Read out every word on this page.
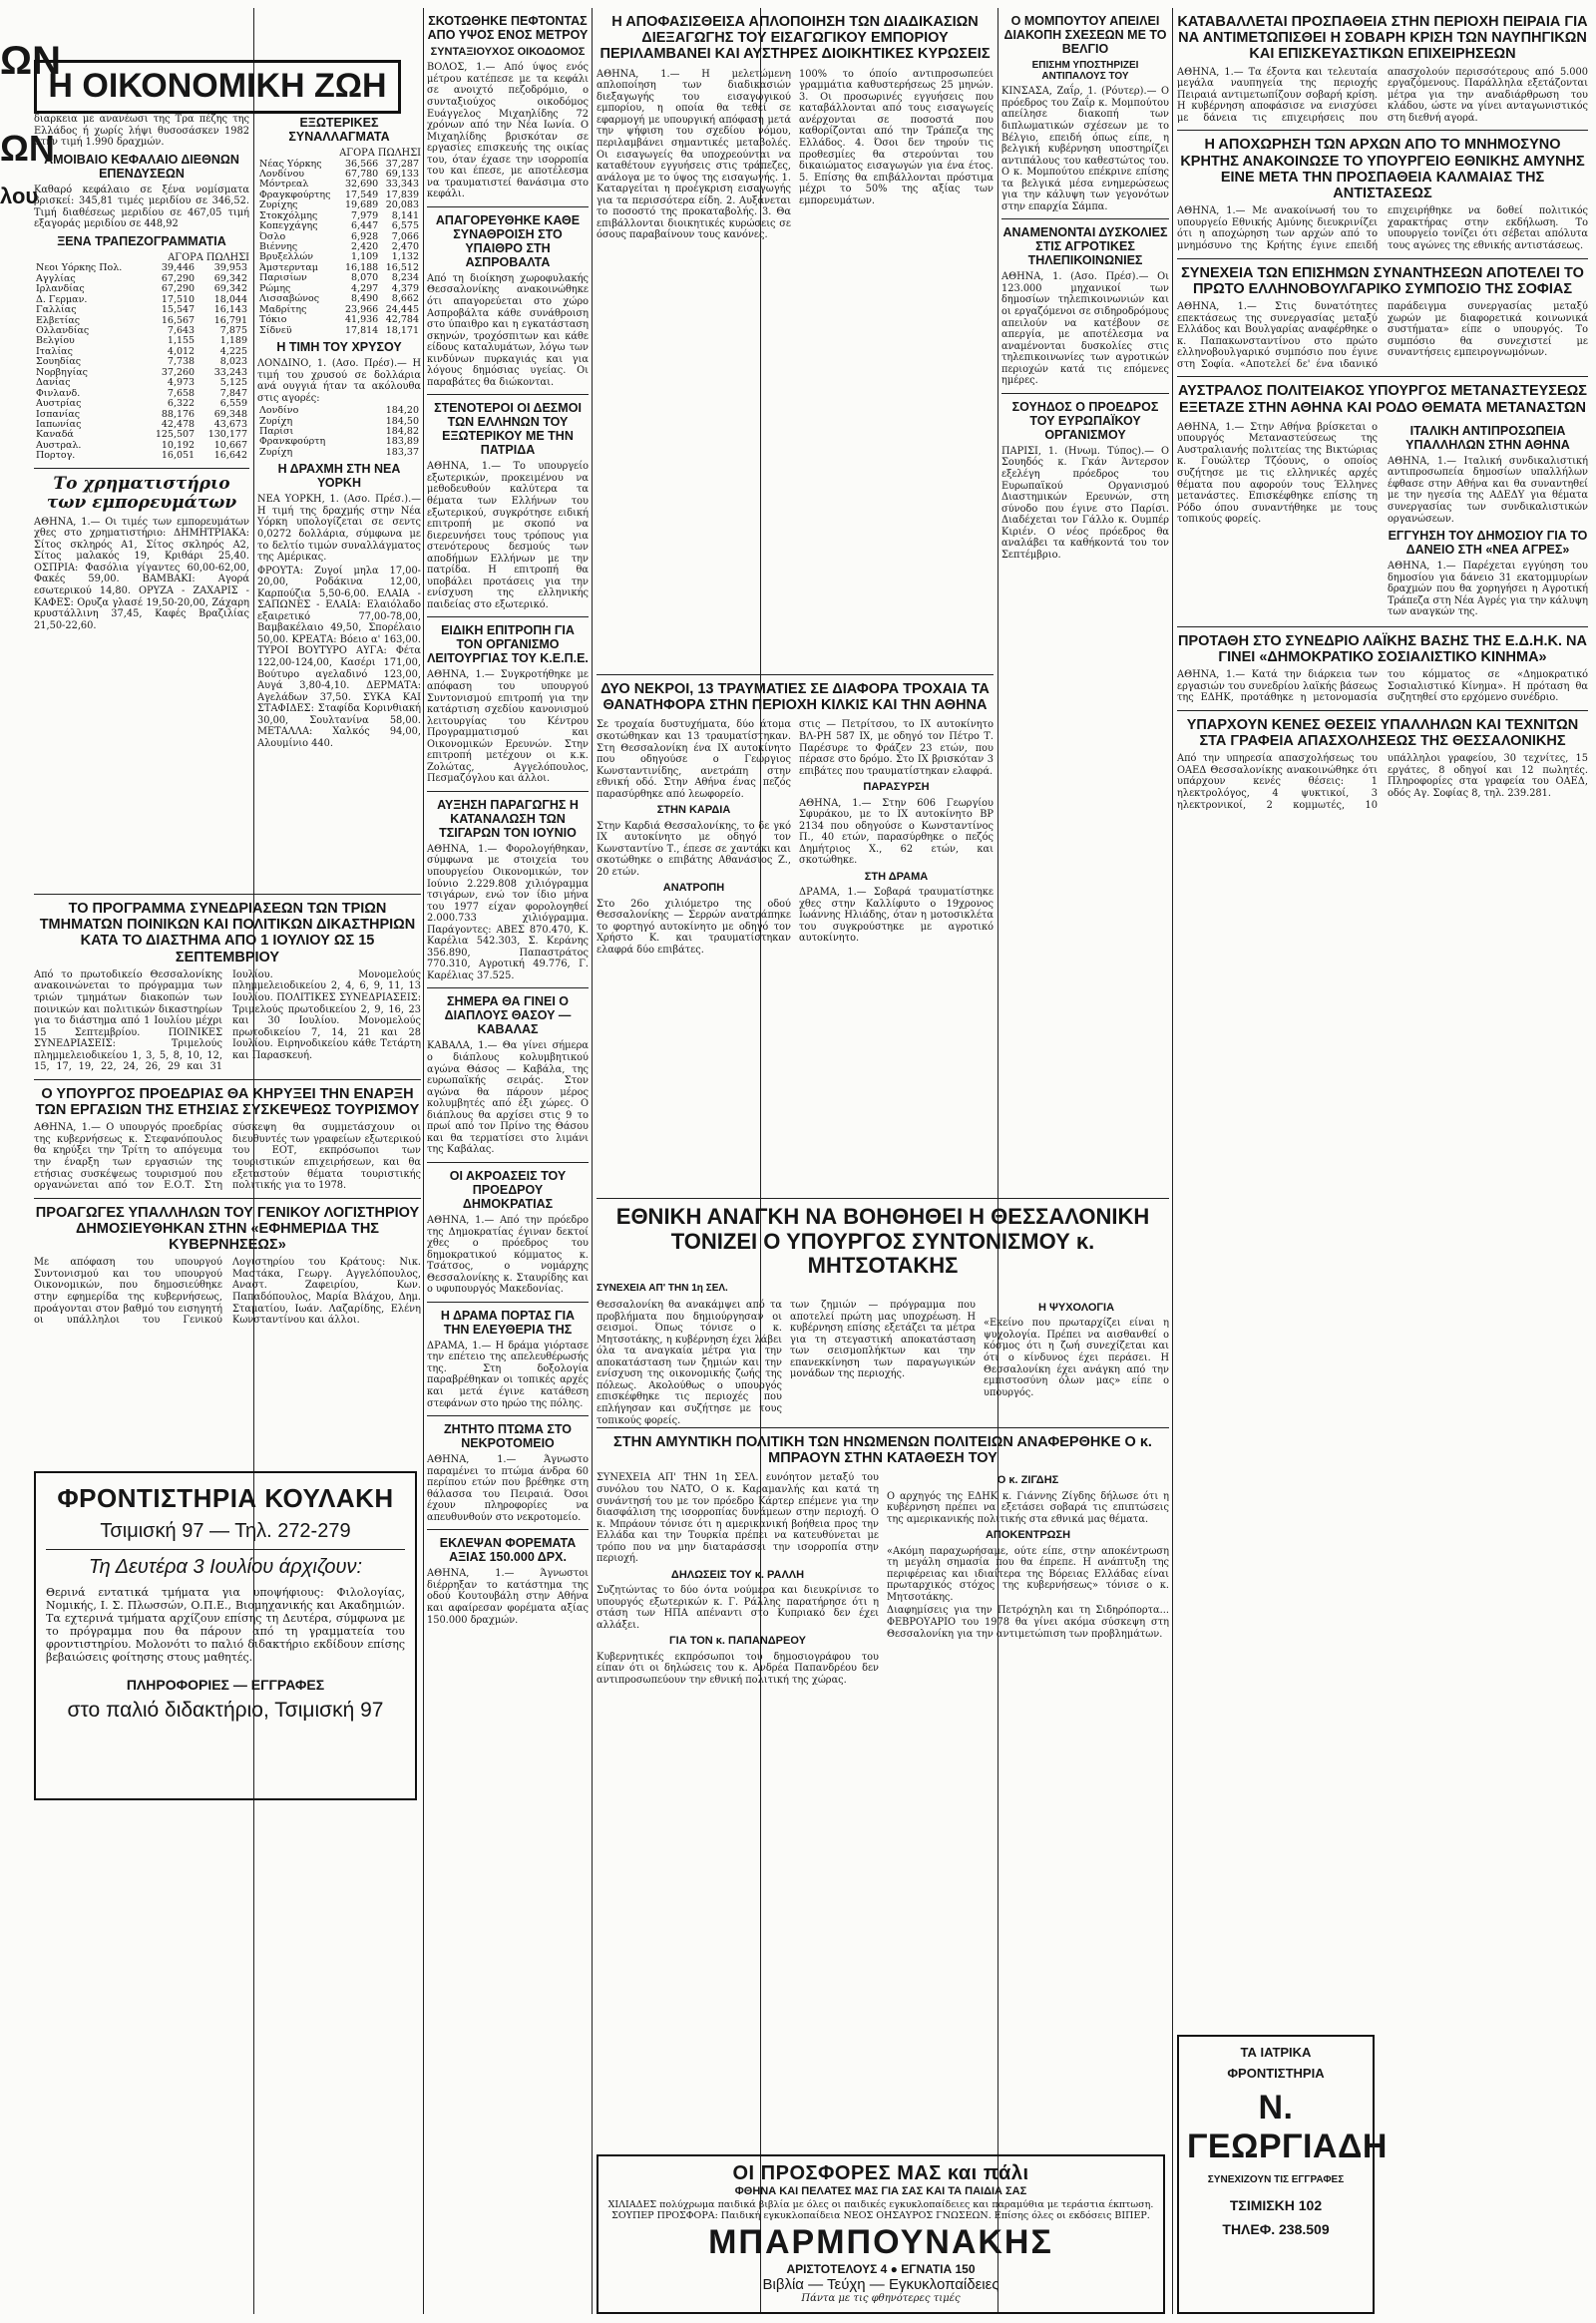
ΩΝ
ΩΝ
λου
Η ΟΙΚΟΝΟΜΙΚΗ ΖΩΗ
διαρκεια με ανανέωσι της Τρα πέζης της Ελλάδος ή χωρίς λήψι θυσοσάσκεν 1982 στην τιμή 1.990 δραχμών.
ΑΜΟΙΒΑΙΟ ΚΕΦΑΛΑΙΟ ΔΙΕΘΝΩΝ ΕΠΕΝΔΥΣΕΩΝ
Καθαρό κεφάλαιο σε ξένα νομίσματα βρισκεί: 345,81 τιμές μεριδίου σε 346,52. Τιμή διαθέσεως μεριδίου σε 467,05 τιμή εξαγοράς μεριδίου σε 448,92
ΞΕΝΑ ΤΡΑΠΕΖΟΓΡΑΜΜΑΤΙΑ
ΑΓΟΡΑ ΠΩΛΗΣΙ
Νεοι Υόρκης Πολ.	39,446	39,953
Αγγλίας	67,290	69,342
Ιρλανδίας	67,290	69,342
Δ. Γερμαν.	17,510	18,044
Γαλλίας	15,547	16,143
Ελβετίας	16,567	16,791
Ολλανδίας	7,643	7,875
Βελγίου	1,155	1,189
Ιταλίας	4,012	4,225
Σουηδίας	7,738	8,023
Νορβηγίας	37,260	33,243
Δανίας	4,973	5,125
Φινλανδ.	7,658	7,847
Αυστρίας	6,322	6,559
Ισπανίας	88,176	69,348
Ιαπωνίας	42,478	43,673
Καναδά	125,507	130,177
Αυστραλ.	10,192	10,667
Πορτογ.	16,051	16,642
Το χρηματιστήριο των εμπορευμάτων
ΑΘΗΝΑ, 1.— Οι τιμές των εμπορευμάτων χθες στο χρηματιστήριο: ΔΗΜΗΤΡΙΑΚΑ: Σίτος σκληρός Α1, Σίτος σκληρός Α2, Σίτος μαλακός 19, Κριθάρι 25,40. ΟΣΠΡΙΑ: Φασόλια γίγαντες 60,00-62,00, Φακές 59,00. ΒΑΜΒΑΚΙ: Αγορά εσωτερικού 14,80. ΟΡΥΖΑ - ΖΑΧΑΡΙΣ - ΚΑΦΕΣ: Ορυζα γλασέ 19,50-20,00, Ζάχαρη κρυστάλλινη 37,45, Καφές Βραζιλίας 21,50-22,60.
ΕΞΩΤΕΡΙΚΕΣ ΣΥΝΑΛΛΑΓΜΑΤΑ
ΑΓΟΡΑ ΠΩΛΗΣΙ
Νέας Υόρκης	36,566	37,287
Λονδίνου	67,780	69,133
Μόντρεαλ	32,690	33,343
Φραγκφούρτης	17,549	17,839
Ζυρίχης	19,689	20,083
Στοκχόλμης	7,979	8,141
Κοπεγχάγης	6,447	6,575
Όσλο	6,928	7,066
Βιέννης	2,420	2,470
Βρυξελλών	1,109	1,132
Άμστερνταμ	16,188	16,512
Παρισίων	8,070	8,234
Ρώμης	4,297	4,379
Λισσαβώνος	8,490	8,662
Μαδρίτης	23,966	24,445
Τόκιο	41,936	42,784
Σίδνεϋ	17,814	18,171
Η ΤΙΜΗ ΤΟΥ ΧΡΥΣΟΥ
ΛΟΝΔΙΝΟ, 1. (Ασο. Πρέσ).— Η τιμή του χρυσού σε δολλάρια ανά ουγγιά ήταν τα ακόλουθα στις αγορές:
Λονδίνο	184,20
Ζυρίχη	184,50
Παρίσι	184,82
Φρανκφούρτη	183,89
Ζυρίχη	183,37
Η ΔΡΑΧΜΗ ΣΤΗ ΝΕΑ ΥΟΡΚΗ
ΝΕΑ ΥΟΡΚΗ, 1. (Ασο. Πρέσ.).— Η τιμή της δραχμής στην Νέα Υόρκη υπολογίζεται σε σεντς 0,0272 δολλάρια, σύμφωνα με το δελτίο τιμών συναλλάγματος της Αμέρικας.
ΦΡΟΥΤΑ: Ζυγοί μηλα 17,00-20,00, Ροδάκινα 12,00, Καρπούζια 5,50-6,00. ΕΛΑΙΑ - ΣΑΠΩΝΕΣ - ΕΛΑΙΑ: Ελαιόλαδο εξαιρετικό 77,00-78,00, Βαμβακέλαιο 49,50, Σπορέλαιο 50,00. ΚΡΕΑΤΑ: Βόειο α' 163,00. ΤΥΡΟΙ ΒΟΥΤΥΡΟ ΑΥΓΑ: Φέτα 122,00-124,00, Κασέρι 171,00, Βούτυρο αγελαδινό 123,00, Αυγά 3,80-4,10. ΔΕΡΜΑΤΑ: Αγελάδων 37,50. ΣΥΚΑ ΚΑΙ ΣΤΑΦΙΔΕΣ: Σταφίδα Κορινθιακή 30,00, Σουλτανίνα 58,00. ΜΕΤΑΛΛΑ: Χαλκός 94,00, Αλουμίνιο 440.
ΤΟ ΠΡΟΓΡΑΜΜΑ ΣΥΝΕΔΡΙΑΣΕΩΝ ΤΩΝ ΤΡΙΩΝ ΤΜΗΜΑΤΩΝ ΠΟΙΝΙΚΩΝ ΚΑΙ ΠΟΛΙΤΙΚΩΝ ΔΙΚΑΣΤΗΡΙΩΝ ΚΑΤΑ ΤΟ ΔΙΑΣΤΗΜΑ ΑΠΟ 1 ΙΟΥΛΙΟΥ ΩΣ 15 ΣΕΠΤΕΜΒΡΙΟΥ
Από το πρωτοδικείο Θεσσαλονίκης ανακοινώνεται το πρόγραμμα των τριών τμημάτων διακοπών των ποινικών και πολιτικών δικαστηρίων για το διάστημα από 1 Ιουλίου μέχρι 15 Σεπτεμβρίου. ΠΟΙΝΙΚΕΣ ΣΥΝΕΔΡΙΑΣΕΙΣ: Τριμελούς πλημμελειοδικείου 1, 3, 5, 8, 10, 12, 15, 17, 19, 22, 24, 26, 29 και 31 Ιουλίου. Μονομελούς πλημμελειοδικείου 2, 4, 6, 9, 11, 13 Ιουλίου. ΠΟΛΙΤΙΚΕΣ ΣΥΝΕΔΡΙΑΣΕΙΣ: Τριμελούς πρωτοδικείου 2, 9, 16, 23 και 30 Ιουλίου. Μονομελούς πρωτοδικείου 7, 14, 21 και 28 Ιουλίου. Ειρηνοδικείου κάθε Τετάρτη και Παρασκευή.
Ο ΥΠΟΥΡΓΟΣ ΠΡΟΕΔΡΙΑΣ ΘΑ ΚΗΡΥΞΕΙ ΤΗΝ ΕΝΑΡΞΗ ΤΩΝ ΕΡΓΑΣΙΩΝ ΤΗΣ ΕΤΗΣΙΑΣ ΣΥΣΚΕΨΕΩΣ ΤΟΥΡΙΣΜΟΥ
ΑΘΗΝΑ, 1.— Ο υπουργός προεδρίας της κυβερνήσεως κ. Στεφανόπουλος θα κηρύξει την Τρίτη το απόγευμα την έναρξη των εργασιών της ετήσιας συσκέψεως τουρισμού που οργανώνεται από τον Ε.Ο.Τ. Στη σύσκεψη θα συμμετάσχουν οι διευθυντές των γραφείων εξωτερικού του ΕΟΤ, εκπρόσωποι των τουριστικών επιχειρήσεων, και θα εξεταστούν θέματα τουριστικής πολιτικής για το 1978.
ΠΡΟΑΓΩΓΕΣ ΥΠΑΛΛΗΛΩΝ ΤΟΥ ΓΕΝΙΚΟΥ ΛΟΓΙΣΤΗΡΙΟΥ ΔΗΜΟΣΙΕΥΘΗΚΑΝ ΣΤΗΝ «ΕΦΗΜΕΡΙΔΑ ΤΗΣ ΚΥΒΕΡΝΗΣΕΩΣ»
Με απόφαση του υπουργού Συντονισμού και του υπουργού Οικονομικών, που δημοσιεύθηκε στην εφημερίδα της κυβερνήσεως, προάγονται στον βαθμό του εισηγητή οι υπάλληλοι του Γενικού Λογιστηρίου του Κράτους: Νικ. Μαστάκα, Γεωργ. Αγγελόπουλος, Αναστ. Ζαφειρίου, Κων. Παπαδόπουλος, Μαρία Βλάχου, Δημ. Σταματίου, Ιωάν. Λαζαρίδης, Ελένη Κωνσταντίνου και άλλοι.
ΦΡΟΝΤΙΣΤΗΡΙΑ ΚΟΥΛΑΚΗ
Τσιμισκή 97 — Τηλ. 272-279
Τη Δευτέρα 3 Ιουλίου άρχιζουν:
Θερινά εντατικά τμήματα για υποψήφιους: Φιλολογίας, Νομικής, Ι. Σ. Πλωσσών, Ο.Π.Ε., Βιομηχανικής και Ακαδημιών. Τα εχτερινά τμήματα αρχίζουν επίσης τη Δευτέρα, σύμφωνα με το πρόγραμμα που θα πάρουν από τη γραμματεία του φροντιστηρίου. Μολονότι το παλιό διδακτήριο εκδίδουν επίσης βεβαιώσεις φοίτησης στους μαθητές.
ΠΛΗΡΟΦΟΡΙΕΣ — ΕΓΓΡΑΦΕΣ
στο παλιό διδακτήριο, Τσιμισκή 97
ΣΚΟΤΩΘΗΚΕ ΠΕΦΤΟΝΤΑΣ ΑΠΟ ΥΨΟΣ ΕΝΟΣ ΜΕΤΡΟΥ
ΣΥΝΤΑΞΙΟΥΧΟΣ ΟΙΚΟΔΟΜΟΣ
ΒΟΛΟΣ, 1.— Από ύψος ενός μέτρου κατέπεσε με τα κεφάλι σε ανοιχτό πεζοδρόμιο, ο συνταξιούχος οικοδόμος Ευάγγελος Μιχαηλίδης 72 χρόνων από την Νέα Ιωνία. Ο Μιχαηλίδης βρισκόταν σε εργασίες επισκευής της οικίας του, όταν έχασε την ισορροπία του και έπεσε, με αποτέλεσμα να τραυματιστεί θανάσιμα στο κεφάλι.
ΑΠΑΓΟΡΕΥΘΗΚΕ ΚΑΘΕ ΣΥΝΑΘΡΟΙΣΗ ΣΤΟ ΥΠΑΙΘΡΟ ΣΤΗ ΑΣΠΡΟΒΑΛΤΑ
Από τη διοίκηση χωροφυλακής Θεσσαλονίκης ανακοινώθηκε ότι απαγορεύεται στο χώρο Ασπροβάλτα κάθε συνάθροιση στο ύπαιθρο και η εγκατάσταση σκηνών, τροχόσπιτων και κάθε είδους καταλυμάτων, λόγω των κινδύνων πυρκαγιάς και για λόγους δημόσιας υγείας. Οι παραβάτες θα διώκονται.
ΣΤΕΝΟΤΕΡΟΙ ΟΙ ΔΕΣΜΟΙ ΤΩΝ ΕΛΛΗΝΩΝ ΤΟΥ ΕΞΩΤΕΡΙΚΟΥ ΜΕ ΤΗΝ ΠΑΤΡΙΔΑ
ΑΘΗΝΑ, 1.— Το υπουργείο εξωτερικών, προκειμένου να μεθοδευθούν καλύτερα τα θέματα των Ελλήνων του εξωτερικού, συγκρότησε ειδική επιτροπή με σκοπό να διερευνήσει τους τρόπους για στενότερους δεσμούς των αποδήμων Ελλήνων με την πατρίδα. Η επιτροπή θα υποβάλει προτάσεις για την ενίσχυση της ελληνικής παιδείας στο εξωτερικό.
ΕΙΔΙΚΗ ΕΠΙΤΡΟΠΗ ΓΙΑ ΤΟΝ ΟΡΓΑΝΙΣΜΟ ΛΕΙΤΟΥΡΓΙΑΣ ΤΟΥ Κ.Ε.Π.Ε.
ΑΘΗΝΑ, 1.— Συγκροτήθηκε με απόφαση του υπουργού Συντονισμού επιτροπή για την κατάρτιση σχεδίου κανονισμού λειτουργίας του Κέντρου Προγραμματισμού και Οικονομικών Ερευνών. Στην επιτροπή μετέχουν οι κ.κ. Ζολώτας, Αγγελόπουλος, Πεσμαζόγλου και άλλοι.
ΑΥΞΗΣΗ ΠΑΡΑΓΩΓΗΣ Η ΚΑΤΑΝΑΛΩΣΗ ΤΩΝ ΤΣΙΓΑΡΩΝ ΤΟΝ ΙΟΥΝΙΟ
ΑΘΗΝΑ, 1.— Φορολογήθηκαν, σύμφωνα με στοιχεία του υπουργείου Οικονομικών, τον Ιούνιο 2.229.808 χιλιόγραμμα τσιγάρων, ενώ τον ίδιο μήνα του 1977 είχαν φορολογηθεί 2.000.733 χιλιόγραμμα. Παράγοντες: ΑΒΕΣ 870.470, Κ. Καρέλια 542.303, Σ. Κεράνης 356.890, Παπαστράτος 770.310, Αγροτική 49.776, Γ. Καρέλιας 37.525.
ΣΗΜΕΡΑ ΘΑ ΓΙΝΕΙ Ο ΔΙΑΠΛΟΥΣ ΘΑΣΟΥ — ΚΑΒΑΛΑΣ
ΚΑΒΑΛΑ, 1.— Θα γίνει σήμερα ο διάπλους κολυμβητικού αγώνα Θάσος — Καβάλα, της ευρωπαϊκής σειράς. Στον αγώνα θα πάρουν μέρος κολυμβητές από έξι χώρες. Ο διάπλους θα αρχίσει στις 9 το πρωί από τον Πρίνο της Θάσου και θα τερματίσει στο λιμάνι της Καβάλας.
ΟΙ ΑΚΡΟΑΣΕΙΣ ΤΟΥ ΠΡΟΕΔΡΟΥ ΔΗΜΟΚΡΑΤΙΑΣ
ΑΘΗΝΑ, 1.— Από την πρόεδρο της Δημοκρατίας έγιναν δεκτοί χθες ο πρόεδρος του δημοκρατικού κόμματος κ. Τσάτσος, ο νομάρχης Θεσσαλονίκης κ. Σταυρίδης και ο υφυπουργός Μακεδονίας.
Η ΔΡΑΜΑ ΠΟΡΤΑΣ ΓΙΑ ΤΗΝ ΕΛΕΥΘΕΡΙΑ ΤΗΣ
ΔΡΑΜΑ, 1.— Η δράμα γιόρτασε την επέτειο της απελευθέρωσής της. Στη δοξολογία παραβρέθηκαν οι τοπικές αρχές και μετά έγινε κατάθεση στεφάνων στο ηρώο της πόλης.
ΖΗΤΗΤΟ ΠΤΩΜΑ ΣΤΟ ΝΕΚΡΟΤΟΜΕΙΟ
ΑΘΗΝΑ, 1.— Άγνωστο παραμένει το πτώμα άνδρα 60 περίπου ετών που βρέθηκε στη θάλασσα του Πειραιά. Όσοι έχουν πληροφορίες να απευθυνθούν στο νεκροτομείο.
ΕΚΛΕΨΑΝ ΦΟΡΕΜΑΤΑ ΑΞΙΑΣ 150.000 ΔΡΧ.
ΑΘΗΝΑ, 1.— Άγνωστοι διέρρηξαν το κατάστημα της οδού Κουτουβάλη στην Αθήνα και αφαίρεσαν φορέματα αξίας 150.000 δραχμών.
Η ΑΠΟΦΑΣΙΣΘΕΙΣΑ ΑΠΛΟΠΟΙΗΣΗ ΤΩΝ ΔΙΑΔΙΚΑΣΙΩΝ ΔΙΕΞΑΓΩΓΗΣ ΤΟΥ ΕΙΣΑΓΩΓΙΚΟΥ ΕΜΠΟΡΙΟΥ ΠΕΡΙΛΑΜΒΑΝΕΙ ΚΑΙ ΑΥΣΤΗΡΕΣ ΔΙΟΙΚΗΤΙΚΕΣ ΚΥΡΩΣΕΙΣ
ΑΘΗΝΑ, 1.— Η μελετώμενη απλοποίηση των διαδικασιών διεξαγωγής του εισαγωγικού εμπορίου, η οποία θα τεθεί σε εφαρμογή με υπουργική απόφαση μετά την ψήφιση του σχεδίου νόμου, περιλαμβάνει σημαντικές μεταβολές. Οι εισαγωγείς θα υποχρεούνται να καταθέτουν εγγυήσεις στις τράπεζες, ανάλογα με το ύψος της εισαγωγής. 1. Καταργείται η προέγκριση εισαγωγής για τα περισσότερα είδη. 2. Αυξάνεται το ποσοστό της προκαταβολής. 3. Θα επιβάλλονται διοικητικές κυρώσεις σε όσους παραβαίνουν τους κανόνες.
100% το όποίο αντιπροσωπεύει γραμμάτια καθυστερήσεως 25 μηνών. 3. Οι προσωρινές εγγυήσεις που καταβάλλονται από τους εισαγωγείς ανέρχονται σε ποσοστά που καθορίζονται από την Τράπεζα της Ελλάδος. 4. Όσοι δεν τηρούν τις προθεσμίες θα στερούνται του δικαιώματος εισαγωγών για ένα έτος. 5. Επίσης θα επιβάλλονται πρόστιμα μέχρι το 50% της αξίας των εμπορευμάτων.
ΔΥΟ ΝΕΚΡΟΙ, 13 ΤΡΑΥΜΑΤΙΕΣ ΣΕ ΔΙΑΦΟΡΑ ΤΡΟΧΑΙΑ ΤΑ ΘΑΝΑΤΗΦΟΡΑ ΣΤΗΝ ΠΕΡΙΟΧΗ ΚΙΛΚΙΣ ΚΑΙ ΤΗΝ ΑΘΗΝΑ
Σε τροχαία δυστυχήματα, δύο άτομα σκοτώθηκαν και 13 τραυματίστηκαν. Στη Θεσσαλονίκη ένα ΙΧ αυτοκίνητο που οδηγούσε ο Γεώργιος Κωνσταντινίδης, ανετράπη στην εθνική οδό. Στην Αθήνα ένας πεζός παρασύρθηκε από λεωφορείο.
ΣΤΗΝ ΚΑΡΔΙΑ
Στην Καρδιά Θεσσαλονίκης, το δε γκό ΙΧ αυτοκίνητο με οδηγό τον Κωνσταντίνο Τ., έπεσε σε χαντάκι και σκοτώθηκε ο επιβάτης Αθανάσιος Ζ., 20 ετών.
ΑΝΑΤΡΟΠΗ
Στο 26ο χιλιόμετρο της οδού Θεσσαλονίκης — Σερρών ανατράπηκε το φορτηγό αυτοκίνητο με οδηγό τον Χρήστο Κ. και τραυματίστηκαν ελαφρά δύο επιβάτες.
στις — Πετρίτσου, το ΙΧ αυτοκίνητο ΒΛ-ΡΗ 587 ΙΧ, με οδηγό τον Πέτρο Τ. Παρέσυρε το Φράζεν 23 ετών, που πέρασε στο δρόμο. Στο ΙΧ βρισκόταν 3 επιβάτες που τραυματίστηκαν ελαφρά.
ΠΑΡΑΣΥΡΣΗ
ΑΘΗΝΑ, 1.— Στην 606 Γεωργίου Σφυράκου, με το ΙΧ αυτοκίνητο ΒΡ 2134 που οδηγούσε ο Κωνσταντίνος Π., 40 ετών, παρασύρθηκε ο πεζός Δημήτριος Χ., 62 ετών, και σκοτώθηκε.
ΣΤΗ ΔΡΑΜΑ
ΔΡΑΜΑ, 1.— Σοβαρά τραυματίστηκε χθες στην Καλλίφυτο ο 19χρονος Ιωάννης Ηλιάδης, όταν η μοτοσικλέτα του συγκρούστηκε με αγροτικό αυτοκίνητο.
Ο ΜΟΜΠΟΥΤΟΥ ΑΠΕΙΛΕΙ ΔΙΑΚΟΠΗ ΣΧΕΣΕΩΝ ΜΕ ΤΟ ΒΕΛΓΙΟ
ΕΠΙΣΗΜ ΥΠΟΣΤΗΡΙΖΕΙ ΑΝΤΙΠΑΛΟΥΣ ΤΟΥ
ΚΙΝΣΑΣΑ, Ζαΐρ, 1. (Ρόυτερ).— Ο πρόεδρος του Ζαΐρ κ. Μομπούτου απείλησε διακοπή των διπλωματικών σχέσεων με το Βέλγιο, επειδή όπως είπε, η βελγική κυβέρνηση υποστηρίζει αντιπάλους του καθεστώτος του. Ο κ. Μομπούτου επέκρινε επίσης τα βελγικά μέσα ενημερώσεως για την κάλυψη των γεγονότων στην επαρχία Σάμπα.
ΑΝΑΜΕΝΟΝΤΑΙ ΔΥΣΚΟΛΙΕΣ ΣΤΙΣ ΑΓΡΟΤΙΚΕΣ ΤΗΛΕΠΙΚΟΙΝΩΝΙΕΣ
ΑΘΗΝΑ, 1. (Ασο. Πρέσ).— Οι 123.000 μηχανικοί των δημοσίων τηλεπικοινωνιών και οι εργαζόμενοι σε σιδηροδρόμους απειλούν να κατέβουν σε απεργία, με αποτέλεσμα να αναμένονται δυσκολίες στις τηλεπικοινωνίες των αγροτικών περιοχών κατά τις επόμενες ημέρες.
ΣΟΥΗΔΟΣ Ο ΠΡΟΕΔΡΟΣ ΤΟΥ ΕΥΡΩΠΑΪΚΟΥ ΟΡΓΑΝΙΣΜΟΥ
ΠΑΡΙΣΙ, 1. (Ηνωμ. Τύπος).— Ο Σουηδός κ. Γκάν Άντερσον εξελέγη πρόεδρος του Ευρωπαϊκού Οργανισμού Διαστημικών Ερευνών, στη σύνοδο που έγινε στο Παρίσι. Διαδέχεται τον Γάλλο κ. Ουμπέρ Κιριέν. Ο νέος πρόεδρος θα αναλάβει τα καθήκοντά του τον Σεπτέμβριο.
ΕΘΝΙΚΗ ΑΝΑΓΚΗ ΝΑ ΒΟΗΘΗΘΕΙ Η ΘΕΣΣΑΛΟΝΙΚΗ ΤΟΝΙΖΕΙ Ο ΥΠΟΥΡΓΟΣ ΣΥΝΤΟΝΙΣΜΟΥ κ. ΜΗΤΣΟΤΑΚΗΣ
ΣΥΝΕΧΕΙΑ ΑΠ' ΤΗΝ 1η ΣΕΛ.
Θεσσαλονίκη θα ανακάμψει από τα προβλήματα που δημιούργησαν οι σεισμοί. Όπως τόνισε ο κ. Μητσοτάκης, η κυβέρνηση έχει λάβει όλα τα αναγκαία μέτρα για την αποκατάσταση των ζημιών και την ενίσχυση της οικονομικής ζωής της πόλεως. Ακολούθως ο υπουργός επισκέφθηκε τις περιοχές που επλήγησαν και συζήτησε με τους τοπικούς φορείς.
των ζημιών — πρόγραμμα που αποτελεί πρώτη μας υποχρέωση. Η κυβέρνηση επίσης εξετάζει τα μέτρα για τη στεγαστική αποκατάσταση των σεισμοπλήκτων και την επανεκκίνηση των παραγωγικών μονάδων της περιοχής.
Η ΨΥΧΟΛΟΓΙΑ
«Εκείνο που πρωταρχίζει είναι η ψυχολογία. Πρέπει να αισθανθεί ο κόσμος ότι η ζωή συνεχίζεται και ότι ο κίνδυνος έχει περάσει. Η Θεσσαλονίκη έχει ανάγκη από την εμπιστοσύνη όλων μας» είπε ο υπουργός.
ΣΤΗΝ ΑΜΥΝΤΙΚΗ ΠΟΛΙΤΙΚΗ ΤΩΝ ΗΝΩΜΕΝΩΝ ΠΟΛΙΤΕΙΩΝ ΑΝΑΦΕΡΘΗΚΕ Ο κ. ΜΠΡΑΟΥΝ ΣΤΗΝ ΚΑΤΑΘΕΣΗ ΤΟΥ
ΣΥΝΕΧΕΙΑ ΑΠ' ΤΗΝ 1η ΣΕΛ. ευνόητον μεταξύ του συνόλου του ΝΑΤΟ, Ο κ. Καραμανλής και κατά τη συνάντησή του με τον πρόεδρο Κάρτερ επέμενε για την διασφάλιση της ισορροπίας δυνάμεων στην περιοχή. Ο κ. Μπράουν τόνισε ότι η αμερικανική βοήθεια προς την Ελλάδα και την Τουρκία πρέπει να κατευθύνεται με τρόπο που να μην διαταράσσει την ισορροπία στην περιοχή.
ΔΗΛΩΣΕΙΣ ΤΟΥ κ. ΡΑΛΛΗ
Συζητώντας το δύο όντα νούμερα και διευκρίνισε το υπουργός εξωτερικών κ. Γ. Ράλλης παρατήρησε ότι η στάση των ΗΠΑ απέναντι στο Κυπριακό δεν έχει αλλάξει.
ΓΙΑ ΤΟΝ κ. ΠΑΠΑΝΔΡΕΟΥ
Κυβερνητικές εκπρόσωποι του δημοσιογράφου του είπαν ότι οι δηλώσεις του κ. Ανδρέα Παπανδρέου δεν αντιπροσωπεύουν την εθνική πολιτική της χώρας.
Ο κ. ΖΙΓΔΗΣ
Ο αρχηγός της ΕΔΗΚ κ. Γιάννης Ζίγδης δήλωσε ότι η κυβέρνηση πρέπει να εξετάσει σοβαρά τις επιπτώσεις της αμερικανικής πολιτικής στα εθνικά μας θέματα.
ΑΠΟΚΕΝΤΡΩΣΗ
«Ακόμη παραχωρήσαμε, ούτε είπε, στην αποκέντρωση τη μεγάλη σημασία που θα έπρεπε. Η ανάπτυξη της περιφέρειας και ιδιαίτερα της Βόρειας Ελλάδας είναι πρωταρχικός στόχος της κυβερνήσεως» τόνισε ο κ. Μητσοτάκης.
Διαφημίσεις για την Πετρόχηλη και τη Σιδηρόπορτα... ΦΕΒΡΟΥΑΡΙΟ του 1978 θα γίνει ακόμα σύσκεψη στη Θεσσαλονίκη για την αντιμετώπιση των προβλημάτων.
ΟΙ ΠΡΟΣΦΟΡΕΣ ΜΑΣ και πάλι
ΦΘΗΝΑ ΚΑΙ ΠΕΛΑΤΕΣ ΜΑΣ ΓΙΑ ΣΑΣ ΚΑΙ ΤΑ ΠΑΙΔΙΑ ΣΑΣ
ΧΙΛΙΑΔΕΣ πολύχρωμα παιδικά βιβλία με όλες οι παιδικές εγκυκλοπαίδειες και παραμύθια με τεράστια έκπτωση. ΣΟΥΠΕΡ ΠΡΟΣΦΟΡΑ: Παιδική εγκυκλοπαίδεια ΝΕΟΣ ΟΗΣΑΥΡΟΣ ΓΝΩΣΕΩΝ. Επίσης όλες οι εκδόσεις ΒΙΠΕΡ.
ΜΠΑΡΜΠΟΥΝΑΚΗΣ
ΑΡΙΣΤΟΤΕΛΟΥΣ 4 ● ΕΓΝΑΤΙΑ 150
Βιβλία — Τεύχη — Εγκυκλοπαίδειες
Πάντα με τις φθηνότερες τιμές
ΚΑΤΑΒΑΛΛΕΤΑΙ ΠΡΟΣΠΑΘΕΙΑ ΣΤΗΝ ΠΕΡΙΟΧΗ ΠΕΙΡΑΙΑ ΓΙΑ ΝΑ ΑΝΤΙΜΕΤΩΠΙΣΘΕΙ Η ΣΟΒΑΡΗ ΚΡΙΣΗ ΤΩΝ ΝΑΥΠΗΓΙΚΩΝ ΚΑΙ ΕΠΙΣΚΕΥΑΣΤΙΚΩΝ ΕΠΙΧΕΙΡΗΣΕΩΝ
ΑΘΗΝΑ, 1.— Τα έξοντα και τελευταία μεγάλα ναυπηγεία της περιοχής Πειραιά αντιμετωπίζουν σοβαρή κρίση. Η κυβέρνηση αποφάσισε να ενισχύσει με δάνεια τις επιχειρήσεις που απασχολούν περισσότερους από 5.000 εργαζόμενους. Παράλληλα εξετάζονται μέτρα για την αναδιάρθρωση του κλάδου, ώστε να γίνει ανταγωνιστικός στη διεθνή αγορά.
Η ΑΠΟΧΩΡΗΣΗ ΤΩΝ ΑΡΧΩΝ ΑΠΟ ΤΟ ΜΝΗΜΟΣΥΝΟ ΚΡΗΤΗΣ ΑΝΑΚΟΙΝΩΣΕ ΤΟ ΥΠΟΥΡΓΕΙΟ ΕΘΝΙΚΗΣ ΑΜΥΝΗΣ ΕΙΝΕ ΜΕΤΑ ΤΗΝ ΠΡΟΣΠΑΘΕΙΑ ΚΑΛΜΑΙΑΣ ΤΗΣ ΑΝΤΙΣΤΑΣΕΩΣ
ΑΘΗΝΑ, 1.— Με ανακοίνωσή του το υπουργείο Εθνικής Αμύνης διευκρινίζει ότι η αποχώρηση των αρχών από το μνημόσυνο της Κρήτης έγινε επειδή επιχειρήθηκε να δοθεί πολιτικός χαρακτήρας στην εκδήλωση. Το υπουργείο τονίζει ότι σέβεται απόλυτα τους αγώνες της εθνικής αντιστάσεως.
ΣΥΝΕΧΕΙΑ ΤΩΝ ΕΠΙΣΗΜΩΝ ΣΥΝΑΝΤΗΣΕΩΝ ΑΠΟΤΕΛΕΙ ΤΟ ΠΡΩΤΟ ΕΛΛΗΝΟΒΟΥΛΓΑΡΙΚΟ ΣΥΜΠΟΣΙΟ ΤΗΣ ΣΟΦΙΑΣ
ΑΘΗΝΑ, 1.— Στις δυνατότητες επεκτάσεως της συνεργασίας μεταξύ Ελλάδος και Βουλγαρίας αναφέρθηκε ο κ. Παπακωνσταντίνου στο πρώτο ελληνοβουλγαρικό συμπόσιο που έγινε στη Σοφία. «Αποτελεί δε' ένα ιδανικό παράδειγμα συνεργασίας μεταξύ χωρών με διαφορετικά κοινωνικά συστήματα» είπε ο υπουργός. Το συμπόσιο θα συνεχιστεί με συναντήσεις εμπειρογνωμόνων.
ΑΥΣΤΡΑΛΟΣ ΠΟΛΙΤΕΙΑΚΟΣ ΥΠΟΥΡΓΟΣ ΜΕΤΑΝΑΣΤΕΥΣΕΩΣ ΕΞΕΤΑΖΕ ΣΤΗΝ ΑΘΗΝΑ ΚΑΙ ΡΟΔΟ ΘΕΜΑΤΑ ΜΕΤΑΝΑΣΤΩΝ
ΑΘΗΝΑ, 1.— Στην Αθήνα βρίσκεται ο υπουργός Μεταναστεύσεως της Αυστραλιανής πολιτείας της Βικτώριας κ. Γουώλτερ Τζόουνς, ο οποίος συζήτησε με τις ελληνικές αρχές θέματα που αφορούν τους Έλληνες μετανάστες. Επισκέφθηκε επίσης τη Ρόδο όπου συναντήθηκε με τους τοπικούς φορείς.
ΙΤΑΛΙΚΗ ΑΝΤΙΠΡΟΣΩΠΕΙΑ ΥΠΑΛΛΗΛΩΝ ΣΤΗΝ ΑΘΗΝΑ
ΑΘΗΝΑ, 1.— Ιταλική συνδικαλιστική αντιπροσωπεία δημοσίων υπαλλήλων έφθασε στην Αθήνα και θα συναντηθεί με την ηγεσία της ΑΔΕΔΥ για θέματα συνεργασίας των συνδικαλιστικών οργανώσεων.
ΕΓΓΥΗΣΗ ΤΟΥ ΔΗΜΟΣΙΟΥ ΓΙΑ ΤΟ ΔΑΝΕΙΟ ΣΤΗ «ΝΕΑ ΑΓΡΕΣ»
ΑΘΗΝΑ, 1.— Παρέχεται εγγύηση του δημοσίου για δάνειο 31 εκατομμυρίων δραχμών που θα χορηγήσει η Αγροτική Τράπεζα στη Νέα Αγρές για την κάλυψη των αναγκών της.
ΠΡΟΤΑΘΗ ΣΤΟ ΣΥΝΕΔΡΙΟ ΛΑΪΚΗΣ ΒΑΣΗΣ ΤΗΣ Ε.Δ.Η.Κ. ΝΑ ΓΙΝΕΙ «ΔΗΜΟΚΡΑΤΙΚΟ ΣΟΣΙΑΛΙΣΤΙΚΟ ΚΙΝΗΜΑ»
ΑΘΗΝΑ, 1.— Κατά την διάρκεια των εργασιών του συνεδρίου λαϊκής βάσεως της ΕΔΗΚ, προτάθηκε η μετονομασία του κόμματος σε «Δημοκρατικό Σοσιαλιστικό Κίνημα». Η πρόταση θα συζητηθεί στο ερχόμενο συνέδριο.
ΥΠΑΡΧΟΥΝ ΚΕΝΕΣ ΘΕΣΕΙΣ ΥΠΑΛΛΗΛΩΝ ΚΑΙ ΤΕΧΝΙΤΩΝ ΣΤΑ ΓΡΑΦΕΙΑ ΑΠΑΣΧΟΛΗΣΕΩΣ ΤΗΣ ΘΕΣΣΑΛΟΝΙΚΗΣ
Από την υπηρεσία απασχολήσεως του ΟΑΕΔ Θεσσαλονίκης ανακοινώθηκε ότι υπάρχουν κενές θέσεις: 1 ηλεκτρολόγος, 4 ψυκτικοί, 3 ηλεκτρονικοί, 2 κομμωτές, 10 υπάλληλοι γραφείου, 30 τεχνίτες, 15 εργάτες, 8 οδηγοί και 12 πωλητές. Πληροφορίες στα γραφεία του ΟΑΕΔ, οδός Αγ. Σοφίας 8, τηλ. 239.281.
ΤΑ ΙΑΤΡΙΚΑ
ΦΡΟΝΤΙΣΤΗΡΙΑ
Ν. ΓΕΩΡΓΙΑΔΗ
ΣΥΝΕΧΙΖΟΥΝ ΤΙΣ ΕΓΓΡΑΦΕΣ
ΤΣΙΜΙΣΚΗ 102
ΤΗΛΕΦ. 238.509
